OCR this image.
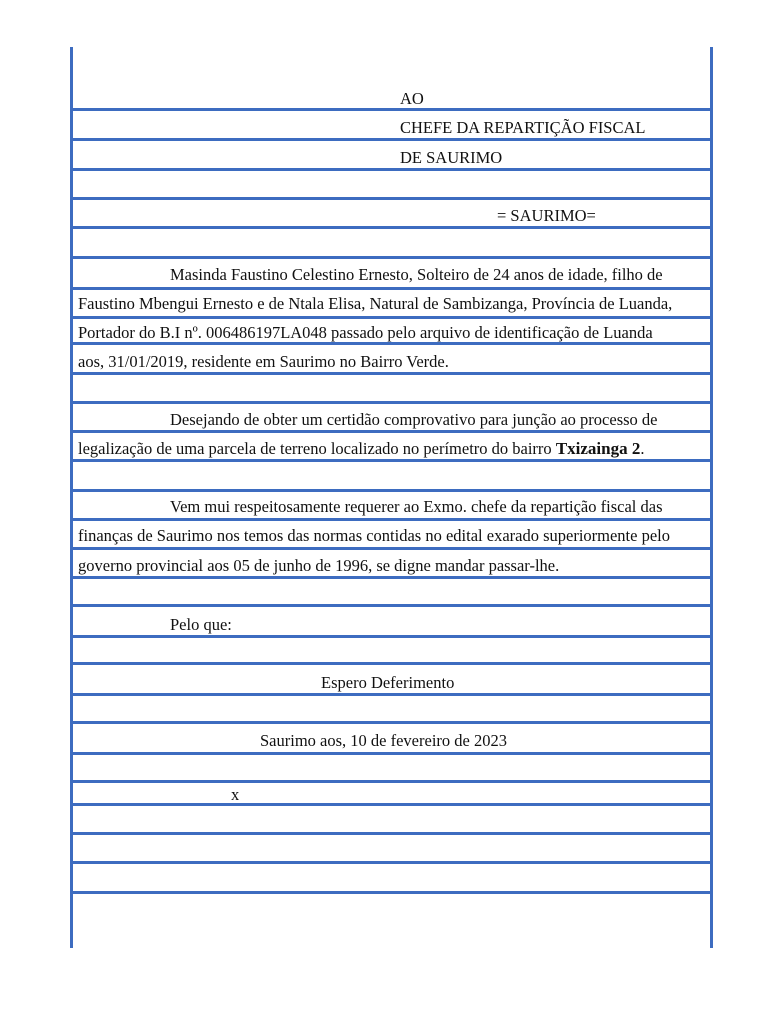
AO
CHEFE DA REPARTIÇÃO FISCAL
DE SAURIMO
= SAURIMO=
Masinda Faustino Celestino Ernesto, Solteiro de 24 anos de idade, filho de
Faustino Mbengui Ernesto e de Ntala Elisa, Natural de Sambizanga, Província de Luanda,
Portador do B.I nº. 006486197LA048 passado pelo arquivo de identificação de Luanda
aos, 31/01/2019, residente em Saurimo no Bairro Verde.
Desejando de obter um certidão comprovativo para junção ao processo de
legalização de uma parcela de terreno localizado no perímetro do bairro Txizainga 2.
Vem mui respeitosamente requerer ao Exmo. chefe da repartição fiscal das
finanças de Saurimo nos temos das normas contidas no edital exarado superiormente pelo
governo provincial aos 05 de junho de 1996, se digne mandar passar-lhe.
Pelo que:
Espero Deferimento
Saurimo aos, 10 de fevereiro de 2023
x
